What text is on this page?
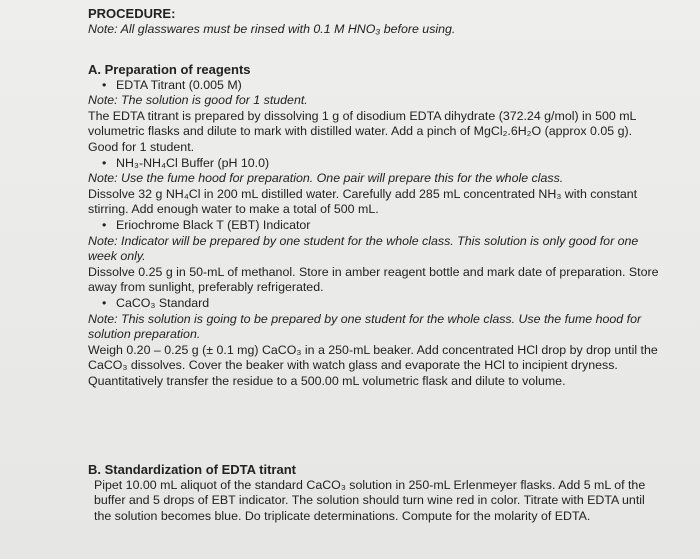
PROCEDURE:
Note: All glasswares must be rinsed with 0.1 M HNO₃ before using.
A. Preparation of reagents
• EDTA Titrant (0.005 M)
Note: The solution is good for 1 student.
The EDTA titrant is prepared by dissolving 1 g of disodium EDTA dihydrate (372.24 g/mol) in 500 mL volumetric flasks and dilute to mark with distilled water. Add a pinch of MgCl₂.6H₂O (approx 0.05 g). Good for 1 student.
• NH₃-NH₄Cl Buffer (pH 10.0)
Note: Use the fume hood for preparation. One pair will prepare this for the whole class.
Dissolve 32 g NH₄Cl in 200 mL distilled water. Carefully add 285 mL concentrated NH₃ with constant stirring. Add enough water to make a total of 500 mL.
• Eriochrome Black T (EBT) Indicator
Note: Indicator will be prepared by one student for the whole class. This solution is only good for one week only.
Dissolve 0.25 g in 50-mL of methanol. Store in amber reagent bottle and mark date of preparation. Store away from sunlight, preferably refrigerated.
• CaCO₃ Standard
Note: This solution is going to be prepared by one student for the whole class. Use the fume hood for solution preparation.
Weigh 0.20 – 0.25 g (± 0.1 mg) CaCO₃ in a 250-mL beaker. Add concentrated HCl drop by drop until the CaCO₃ dissolves. Cover the beaker with watch glass and evaporate the HCl to incipient dryness. Quantitatively transfer the residue to a 500.00 mL volumetric flask and dilute to volume.
B. Standardization of EDTA titrant
Pipet 10.00 mL aliquot of the standard CaCO₃ solution in 250-mL Erlenmeyer flasks. Add 5 mL of the buffer and 5 drops of EBT indicator. The solution should turn wine red in color. Titrate with EDTA until the solution becomes blue. Do triplicate determinations. Compute for the molarity of EDTA.
